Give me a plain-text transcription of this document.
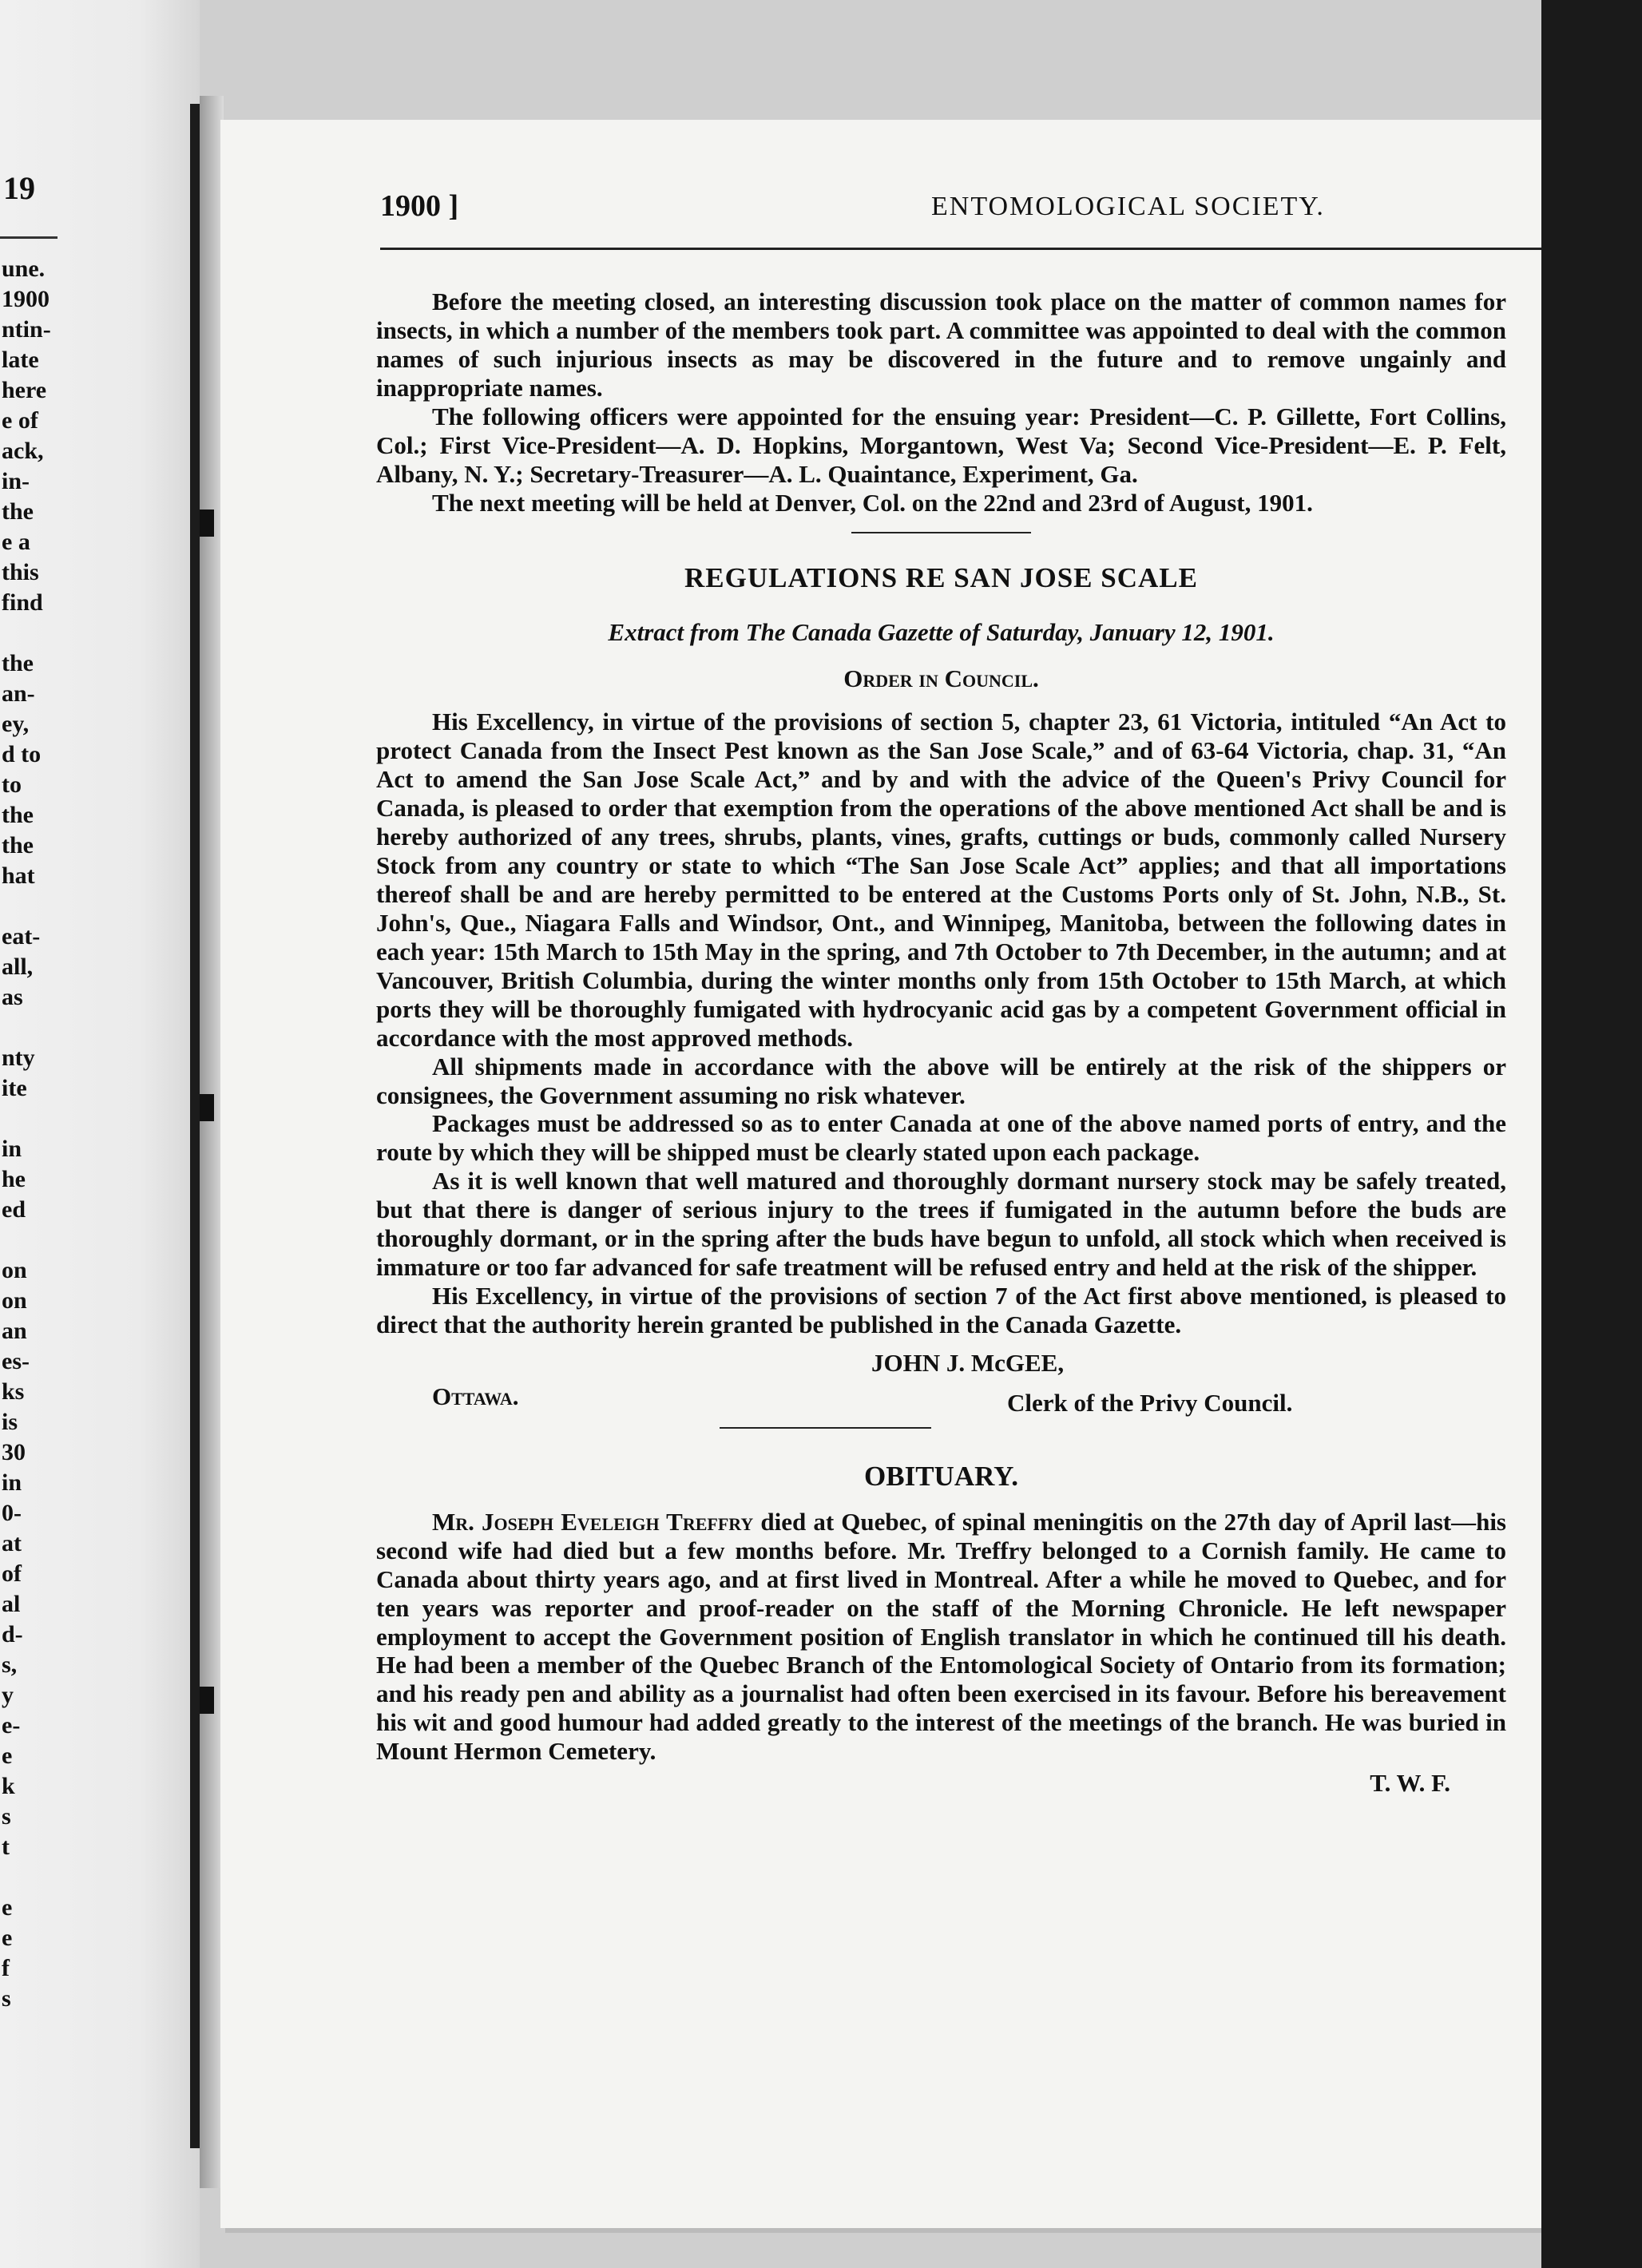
19
une.
1900
ntin-
late
here
e of
ack,
in-
the
e a
this
find
the
an-
ey,
d to
to
the
the
hat
eat-
all,
as
nty
ite
in
he
ed
on
on
an
es-
ks
is
30
in
0-
at
of
al
d-
s,
y
e-
e
k
s
t
e
e
f
s
1900 ]	ENTOMOLOGICAL SOCIETY.

Before the meeting closed, an interesting discussion took place on the matter of common names for insects, in which a number of the members took part. A committee was appointed to deal with the common names of such injurious insects as may be discovered in the future and to remove ungainly and inappropriate names.

The following officers were appointed for the ensuing year: President—C. P. Gillette, Fort Collins, Col.; First Vice-President—A. D. Hopkins, Morgantown, West Va; Second Vice-President—E. P. Felt, Albany, N. Y.; Secretary-Treasurer—A. L. Quaintance, Experiment, Ga.

The next meeting will be held at Denver, Col. on the 22nd and 23rd of August, 1901.

REGULATIONS RE SAN JOSE SCALE
Extract from The Canada Gazette of Saturday, January 12, 1901.
Order in Council.

His Excellency, in virtue of the provisions of section 5, chapter 23, 61 Victoria, intituled “An Act to protect Canada from the Insect Pest known as the San Jose Scale,” and of 63-64 Victoria, chap. 31, “An Act to amend the San Jose Scale Act,” and by and with the advice of the Queen's Privy Council for Canada, is pleased to order that exemption from the operations of the above mentioned Act shall be and is hereby authorized of any trees, shrubs, plants, vines, grafts, cuttings or buds, commonly called Nursery Stock from any country or state to which “The San Jose Scale Act” applies; and that all importations thereof shall be and are hereby permitted to be entered at the Customs Ports only of St. John, N.B., St. John's, Que., Niagara Falls and Windsor, Ont., and Winnipeg, Manitoba, between the following dates in each year: 15th March to 15th May in the spring, and 7th October to 7th December, in the autumn; and at Vancouver, British Columbia, during the winter months only from 15th October to 15th March, at which ports they will be thoroughly fumigated with hydrocyanic acid gas by a competent Government official in accordance with the most approved methods.

All shipments made in accordance with the above will be entirely at the risk of the shippers or consignees, the Government assuming no risk whatever.

Packages must be addressed so as to enter Canada at one of the above named ports of entry, and the route by which they will be shipped must be clearly stated upon each package.

As it is well known that well matured and thoroughly dormant nursery stock may be safely treated, but that there is danger of serious injury to the trees if fumigated in the autumn before the buds are thoroughly dormant, or in the spring after the buds have begun to unfold, all stock which when received is immature or too far advanced for safe treatment will be refused entry and held at the risk of the shipper.

His Excellency, in virtue of the provisions of section 7 of the Act first above mentioned, is pleased to direct that the authority herein granted be published in the Canada Gazette.

Ottawa.
JOHN J. McGEE,
Clerk of the Privy Council.
OBITUARY.

Mr. Joseph Eveleigh Treffry died at Quebec, of spinal meningitis on the 27th day of April last—his second wife had died but a few months before. Mr. Treffry belonged to a Cornish family. He came to Canada about thirty years ago, and at first lived in Montreal. After a while he moved to Quebec, and for ten years was reporter and proof-reader on the staff of the Morning Chronicle. He left newspaper employment to accept the Government position of English translator in which he continued till his death. He had been a member of the Quebec Branch of the Entomological Society of Ontario from its formation; and his ready pen and ability as a journalist had often been exercised in its favour. Before his bereavement his wit and good humour had added greatly to the interest of the meetings of the branch. He was buried in Mount Hermon Cemetery.

T. W. F.
